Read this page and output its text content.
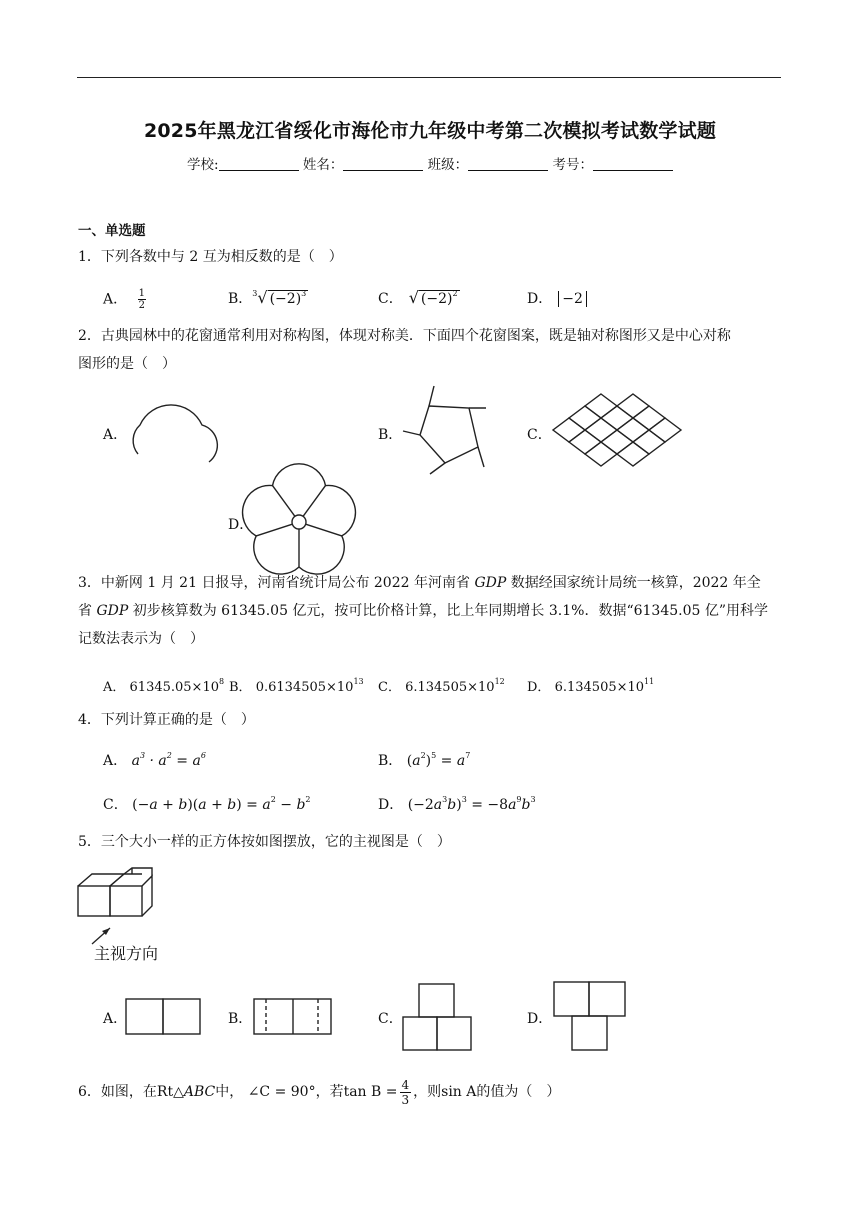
2025年黑龙江省绥化市海伦市九年级中考第二次模拟考试数学试题
学校:	姓名：	班级：	考号：
一、单选题
1．下列各数中与 2 互为相反数的是（　）
A． $\frac{1}{2}$	B．$^3$√ $(-2)^3$	C． √ $(-2)^2$	D． −2
2．古典园林中的花窗通常利用对称构图，体现对称美．下面四个花窗图案，既是轴对称图形又是中心对称
图形的是（　）
A．	B．	C．
D．
3．中新网 1 月 21 日报导，河南省统计局公布 2022 年河南省 GDP 数据经国家统计局统一核算，2022 年全
省 GDP 初步核算数为 61345.05 亿元，按可比价格计算，比上年同期增长 3.1%．数据“61345.05 亿”用科学
记数法表示为（　）
A． $61345.05\times 10^8$ B． $0.6134505\times 10^{13}$ C． $6.134505\times 10^{12}$ D． $6.134505\times 10^{11}$
4．下列计算正确的是（　）
A． $a^3 \cdot a^2 = a^6$	B． $(a^2)^5 = a^7$
C． $(-a + b)(a + b) = a^2 - b^2$	D． $(-2a^3b)^3 = -8a^9b^3$
5．三个大小一样的正方体按如图摆放，它的主视图是（　）
主视方向
A．	B．	C．	D．
6．如图，在Rt△ABC中， ∠C = 90°，若$\tan B = \frac{4}{3}$ ，则sin A的值为（　）
